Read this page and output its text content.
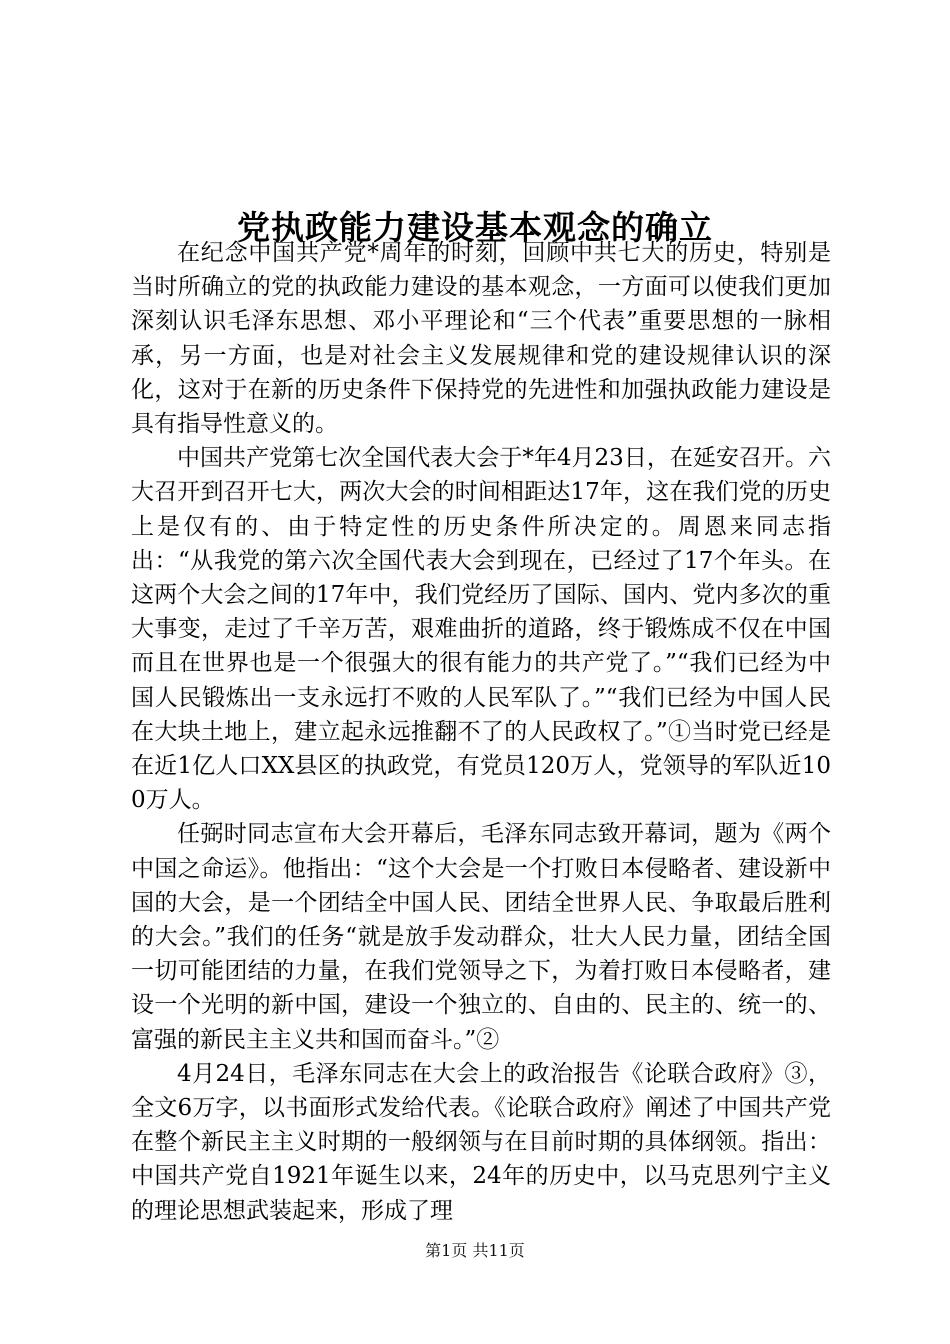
党执政能力建设基本观念的确立

在纪念中国共产党*周年的时刻，回顾中共七大的历史，特别是当时所确立的党的执政能力建设的基本观念，一方面可以使我们更加深刻认识毛泽东思想、邓小平理论和“三个代表”重要思想的一脉相承，另一方面，也是对社会主义发展规律和党的建设规律认识的深化，这对于在新的历史条件下保持党的先进性和加强执政能力建设是具有指导性意义的。

中国共产党第七次全国代表大会于*年4月23日，在延安召开。六大召开到召开七大，两次大会的时间相距达17年，这在我们党的历史上是仅有的、由于特定性的历史条件所决定的。周恩来同志指出：“从我党的第六次全国代表大会到现在，已经过了17个年头。在这两个大会之间的17年中，我们党经历了国际、国内、党内多次的重大事变，走过了千辛万苦，艰难曲折的道路，终于锻炼成不仅在中国而且在世界也是一个很强大的很有能力的共产党了。”“我们已经为中国人民锻炼出一支永远打不败的人民军队了。”“我们已经为中国人民在大块土地上，建立起永远推翻不了的人民政权了。”①当时党已经是在近1亿人口XX县区的执政党，有党员120万人，党领导的军队近100万人。

任弼时同志宣布大会开幕后，毛泽东同志致开幕词，题为《两个中国之命运》。他指出：“这个大会是一个打败日本侵略者、建设新中国的大会，是一个团结全中国人民、团结全世界人民、争取最后胜利的大会。”我们的任务“就是放手发动群众，壮大人民力量，团结全国一切可能团结的力量，在我们党领导之下，为着打败日本侵略者，建设一个光明的新中国，建设一个独立的、自由的、民主的、统一的、富强的新民主主义共和国而奋斗。”②

4月24日，毛泽东同志在大会上的政治报告《论联合政府》③，全文6万字，以书面形式发给代表。《论联合政府》阐述了中国共产党在整个新民主主义时期的一般纲领与在目前时期的具体纲领。指出：中国共产党自1921年诞生以来，24年的历史中，以马克思列宁主义的理论思想武装起来，形成了理

第1页 共11页
